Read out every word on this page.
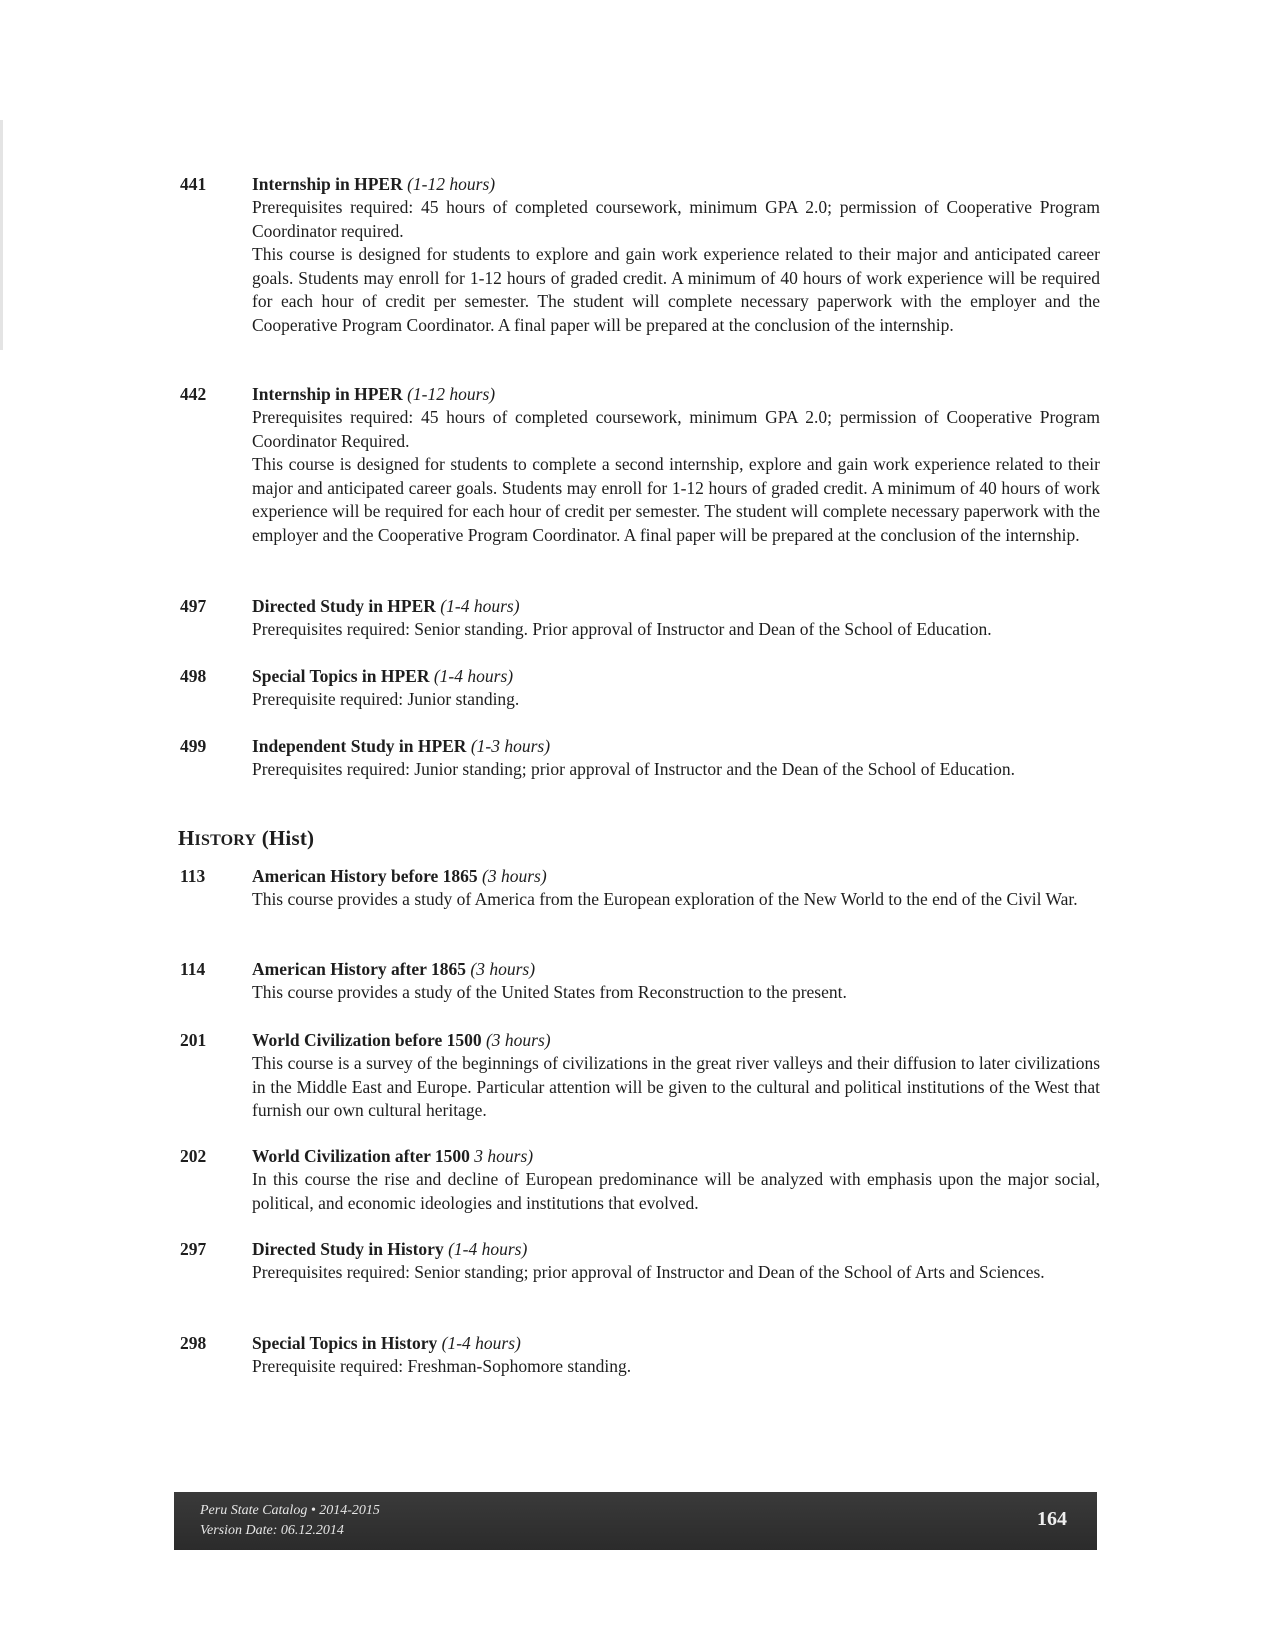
441	Internship in HPER (1-12 hours)

Prerequisites required: 45 hours of completed coursework, minimum GPA 2.0; permission of Cooperative Program Coordinator required.

This course is designed for students to explore and gain work experience related to their major and anticipated career goals. Students may enroll for 1-12 hours of graded credit. A minimum of 40 hours of work experience will be required for each hour of credit per semester. The student will complete necessary paperwork with the employer and the Cooperative Program Coordinator. A final paper will be prepared at the conclusion of the internship.

442	Internship in HPER (1-12 hours)

Prerequisites required: 45 hours of completed coursework, minimum GPA 2.0; permission of Cooperative Program Coordinator Required.

This course is designed for students to complete a second internship, explore and gain work experience related to their major and anticipated career goals. Students may enroll for 1-12 hours of graded credit. A minimum of 40 hours of work experience will be required for each hour of credit per semester. The student will complete necessary paperwork with the employer and the Cooperative Program Coordinator. A final paper will be prepared at the conclusion of the internship.

497	Directed Study in HPER (1-4 hours)

Prerequisites required: Senior standing. Prior approval of Instructor and Dean of the School of Education.

498	Special Topics in HPER (1-4 hours)

Prerequisite required: Junior standing.

499	Independent Study in HPER (1-3 hours)

Prerequisites required: Junior standing; prior approval of Instructor and the Dean of the School of Education.

HISTORY (Hist)
113	American History before 1865 (3 hours)

This course provides a study of America from the European exploration of the New World to the end of the Civil War.

114	American History after 1865 (3 hours)

This course provides a study of the United States from Reconstruction to the present.

201	World Civilization before 1500 (3 hours)

This course is a survey of the beginnings of civilizations in the great river valleys and their diffusion to later civilizations in the Middle East and Europe. Particular attention will be given to the cultural and political institutions of the West that furnish our own cultural heritage.

202	World Civilization after 1500 3 hours)

In this course the rise and decline of European predominance will be analyzed with emphasis upon the major social, political, and economic ideologies and institutions that evolved.

297	Directed Study in History (1-4 hours)

Prerequisites required: Senior standing; prior approval of Instructor and Dean of the School of Arts and Sciences.

298	Special Topics in History (1-4 hours)

Prerequisite required: Freshman-Sophomore standing.

Peru State Catalog • 2014-2015
Version Date: 06.12.2014
164
